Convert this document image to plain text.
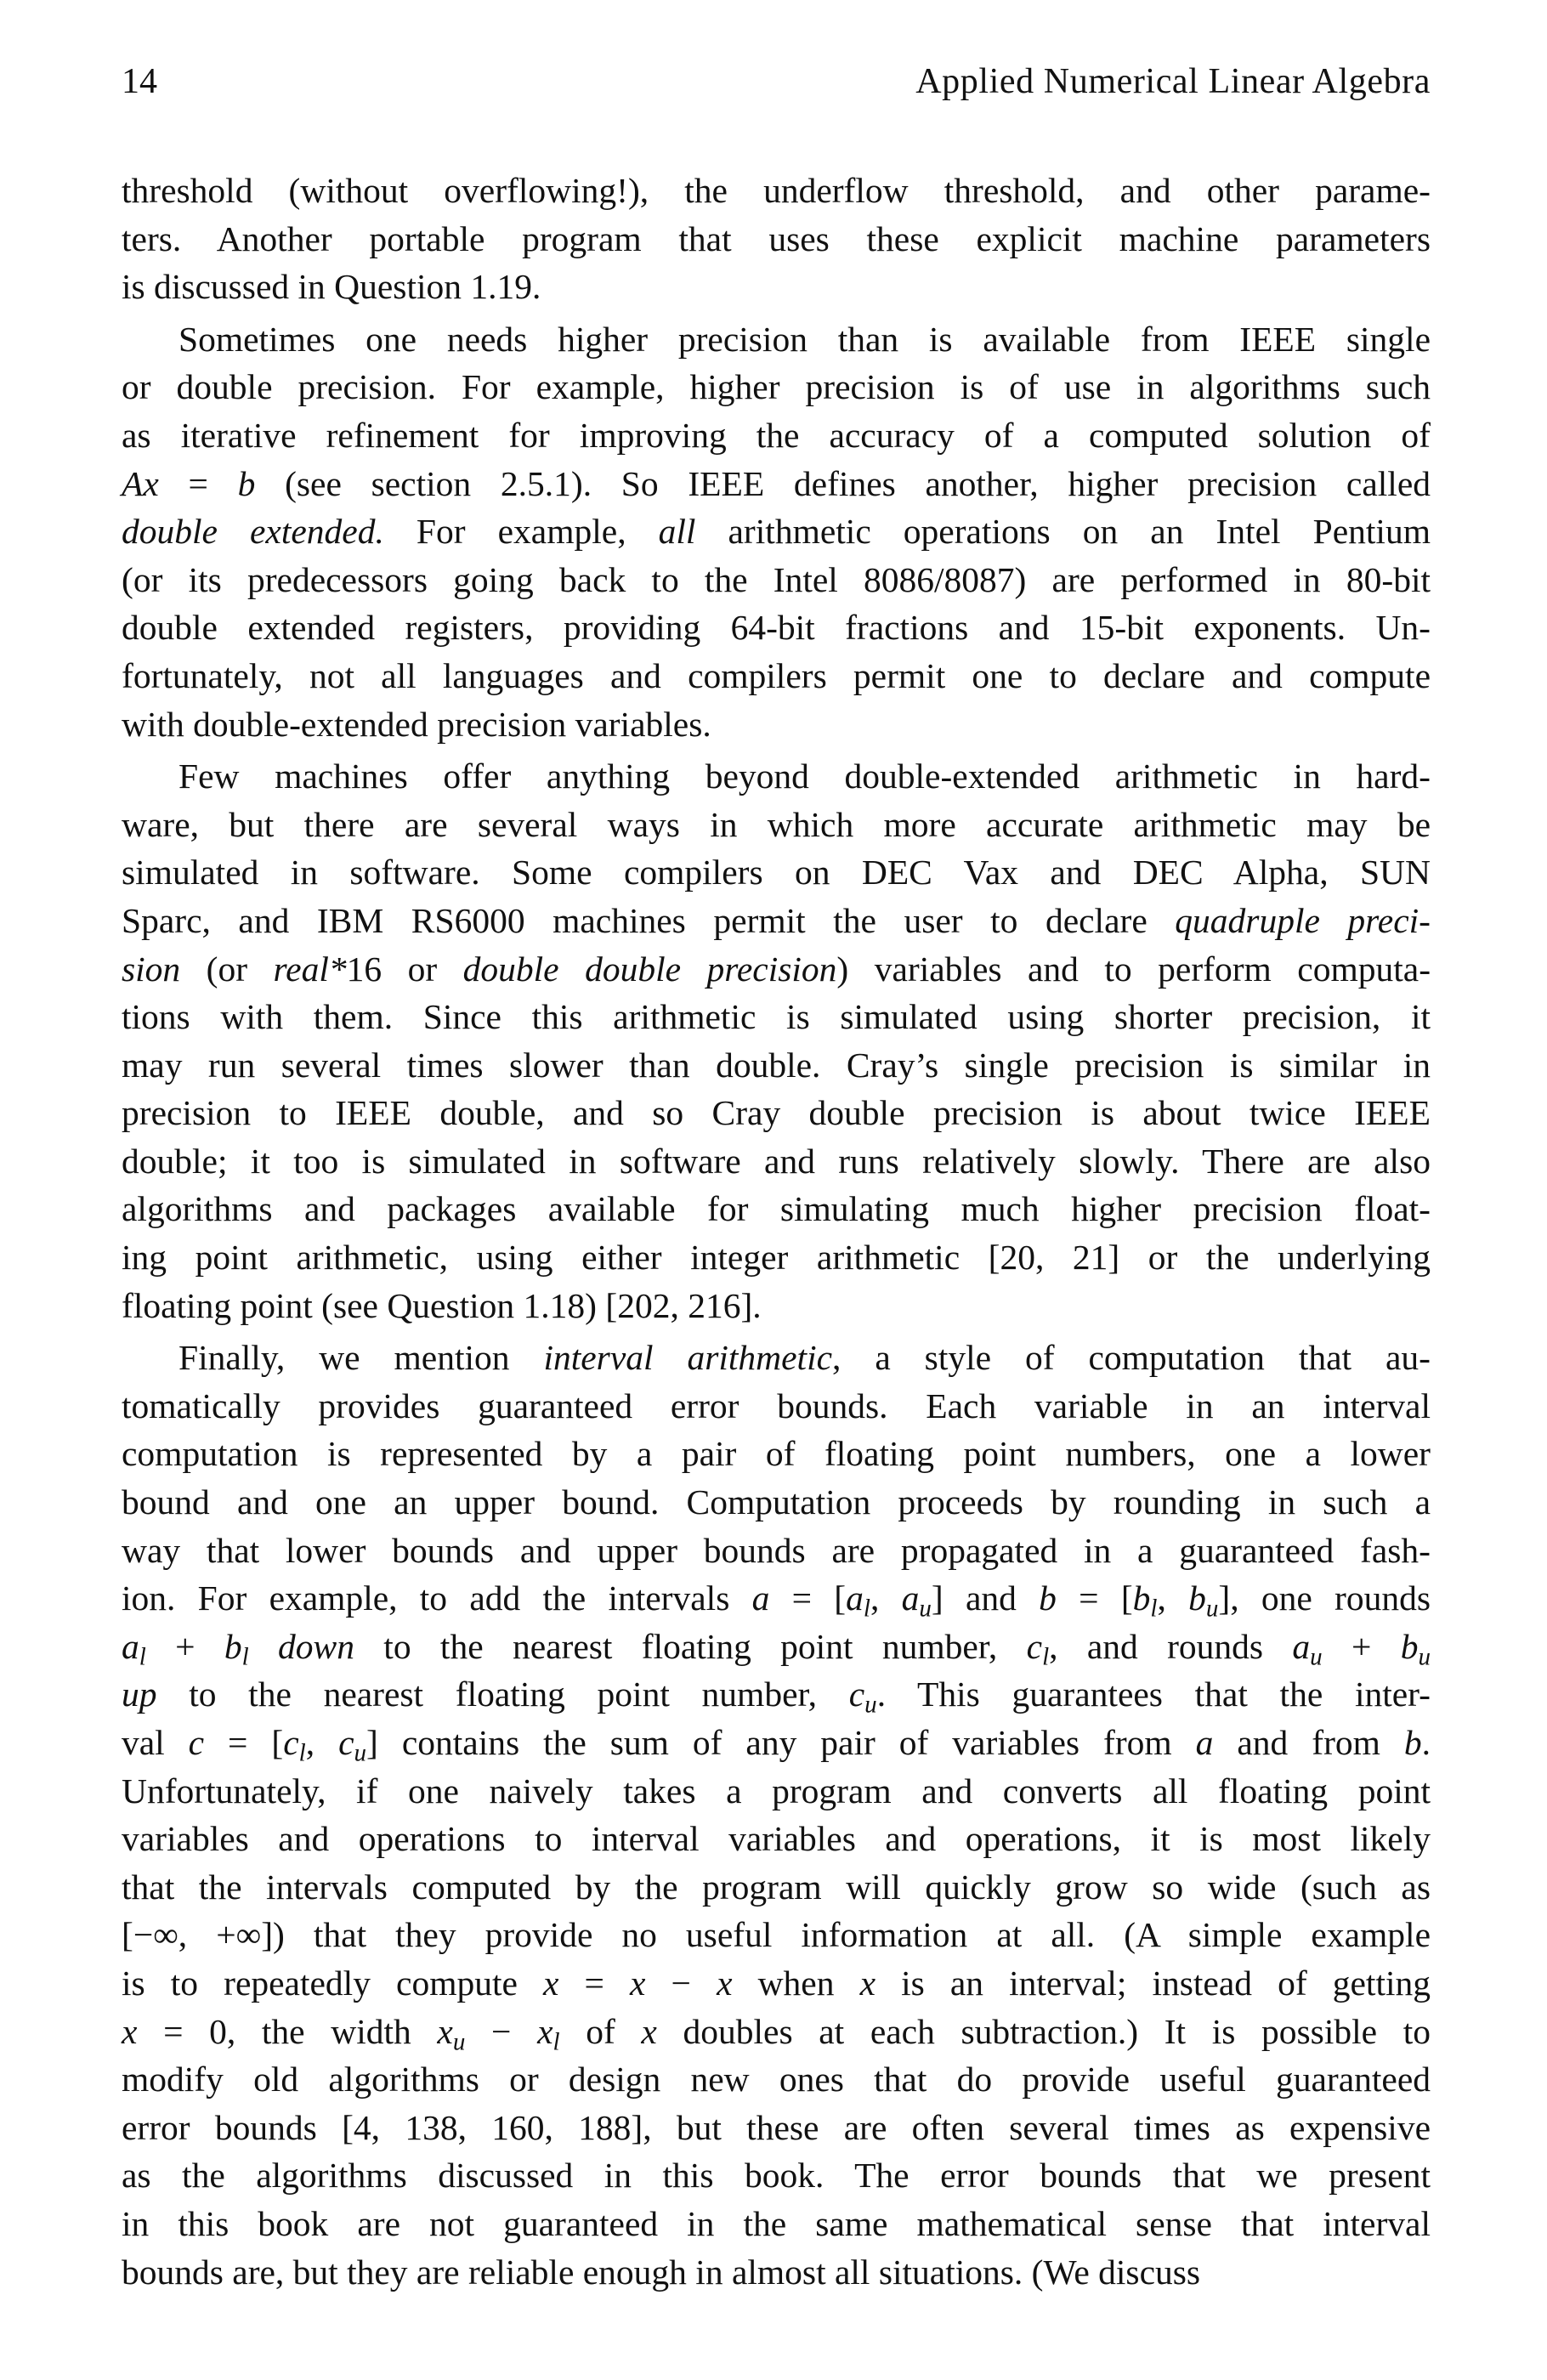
14	Applied Numerical Linear Algebra
threshold (without overflowing!), the underflow threshold, and other parame-
ters. Another portable program that uses these explicit machine parameters
is discussed in Question 1.19.
Sometimes one needs higher precision than is available from IEEE single
or double precision. For example, higher precision is of use in algorithms such
as iterative refinement for improving the accuracy of a computed solution of
Ax = b (see section 2.5.1). So IEEE defines another, higher precision called
double extended. For example, all arithmetic operations on an Intel Pentium
(or its predecessors going back to the Intel 8086/8087) are performed in 80-bit
double extended registers, providing 64-bit fractions and 15-bit exponents. Un-
fortunately, not all languages and compilers permit one to declare and compute
with double-extended precision variables.
Few machines offer anything beyond double-extended arithmetic in hard-
ware, but there are several ways in which more accurate arithmetic may be
simulated in software. Some compilers on DEC Vax and DEC Alpha, SUN
Sparc, and IBM RS6000 machines permit the user to declare quadruple preci-
sion (or real*16 or double double precision) variables and to perform computa-
tions with them. Since this arithmetic is simulated using shorter precision, it
may run several times slower than double. Cray’s single precision is similar in
precision to IEEE double, and so Cray double precision is about twice IEEE
double; it too is simulated in software and runs relatively slowly. There are also
algorithms and packages available for simulating much higher precision float-
ing point arithmetic, using either integer arithmetic [20, 21] or the underlying
floating point (see Question 1.18) [202, 216].
Finally, we mention interval arithmetic, a style of computation that au-
tomatically provides guaranteed error bounds. Each variable in an interval
computation is represented by a pair of floating point numbers, one a lower
bound and one an upper bound. Computation proceeds by rounding in such a
way that lower bounds and upper bounds are propagated in a guaranteed fash-
ion. For example, to add the intervals $a = [a_l$, $a_u$] and $b = [b_l$, $b_u$], one rounds
$a_l + b_l$ down to the nearest floating point number, $c_l$, and rounds $a_u + b_u$
up to the nearest floating point number, $c_u$. This guarantees that the inter-
val $c = [c_l$, $c_u$] contains the sum of any pair of variables from a and from b.
Unfortunately, if one naively takes a program and converts all floating point
variables and operations to interval variables and operations, it is most likely
that the intervals computed by the program will quickly grow so wide (such as
[−∞, +∞]) that they provide no useful information at all. (A simple example
is to repeatedly compute x = x − x when x is an interval; instead of getting
x = 0, the width $x_u - x_l$ of x doubles at each subtraction.) It is possible to
modify old algorithms or design new ones that do provide useful guaranteed
error bounds [4, 138, 160, 188], but these are often several times as expensive
as the algorithms discussed in this book. The error bounds that we present
in this book are not guaranteed in the same mathematical sense that interval
bounds are, but they are reliable enough in almost all situations. (We discuss
